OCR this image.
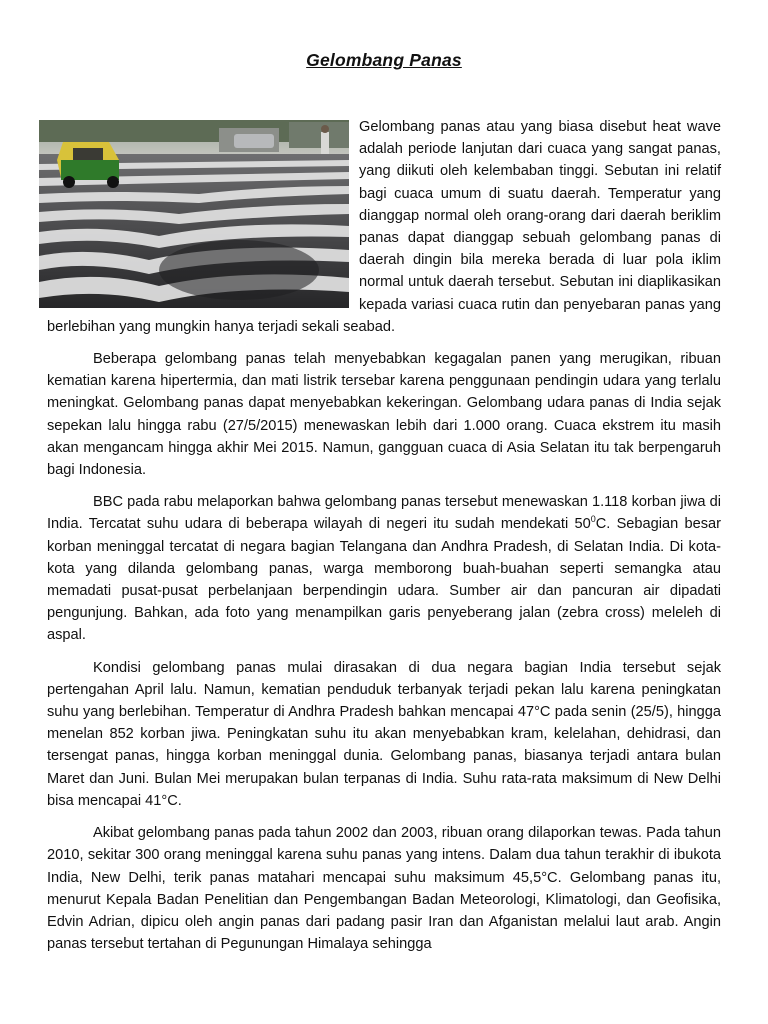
Gelombang Panas

Gelombang panas atau yang biasa disebut heat wave adalah periode lanjutan dari cuaca yang sangat panas, yang diikuti oleh kelembaban tinggi. Sebutan ini relatif bagi cuaca umum di suatu daerah. Temperatur yang dianggap normal oleh orang-orang dari daerah beriklim panas dapat dianggap sebuah gelombang panas di daerah dingin bila mereka berada di luar pola iklim normal untuk daerah tersebut. Sebutan ini diaplikasikan kepada variasi cuaca rutin dan penyebaran panas yang berlebihan yang mungkin hanya terjadi sekali seabad.

Beberapa gelombang panas telah menyebabkan kegagalan panen yang merugikan, ribuan kematian karena hipertermia, dan mati listrik tersebar karena penggunaan pendingin udara yang terlalu meningkat. Gelombang panas dapat menyebabkan kekeringan. Gelombang udara panas di India sejak sepekan lalu hingga rabu (27/5/2015) menewaskan lebih dari 1.000 orang. Cuaca ekstrem itu masih akan mengancam hingga akhir Mei 2015. Namun, gangguan cuaca di Asia Selatan itu tak berpengaruh bagi Indonesia.

BBC pada rabu melaporkan bahwa gelombang panas tersebut menewaskan 1.118 korban jiwa di India. Tercatat suhu udara di beberapa wilayah di negeri itu sudah mendekati $50^0C$. Sebagian besar korban meninggal tercatat di negara bagian Telangana dan Andhra Pradesh, di Selatan India. Di kota-kota yang dilanda gelombang panas, warga memborong buah-buahan seperti semangka atau memadati pusat-pusat perbelanjaan berpendingin udara. Sumber air dan pancuran air dipadati pengunjung. Bahkan, ada foto yang menampilkan garis penyeberang jalan (zebra cross) meleleh di aspal.

Kondisi gelombang panas mulai dirasakan di dua negara bagian India tersebut sejak pertengahan April lalu. Namun, kematian penduduk terbanyak terjadi pekan lalu karena peningkatan suhu yang berlebihan. Temperatur di Andhra Pradesh bahkan mencapai 47°C pada senin (25/5), hingga menelan 852 korban jiwa. Peningkatan suhu itu akan menyebabkan kram, kelelahan, dehidrasi, dan tersengat panas, hingga korban meninggal dunia. Gelombang panas, biasanya terjadi antara bulan Maret dan Juni. Bulan Mei merupakan bulan terpanas di India. Suhu rata-rata maksimum di New Delhi bisa mencapai 41°C.

Akibat gelombang panas pada tahun 2002 dan 2003, ribuan orang dilaporkan tewas. Pada tahun 2010, sekitar 300 orang meninggal karena suhu panas yang intens. Dalam dua tahun terakhir di ibukota India, New Delhi, terik panas matahari mencapai suhu maksimum 45,5°C. Gelombang panas itu, menurut Kepala Badan Penelitian dan Pengembangan Badan Meteorologi, Klimatologi, dan Geofisika, Edvin Adrian, dipicu oleh angin panas dari padang pasir Iran dan Afganistan melalui laut arab. Angin panas tersebut tertahan di Pegunungan Himalaya sehingga
